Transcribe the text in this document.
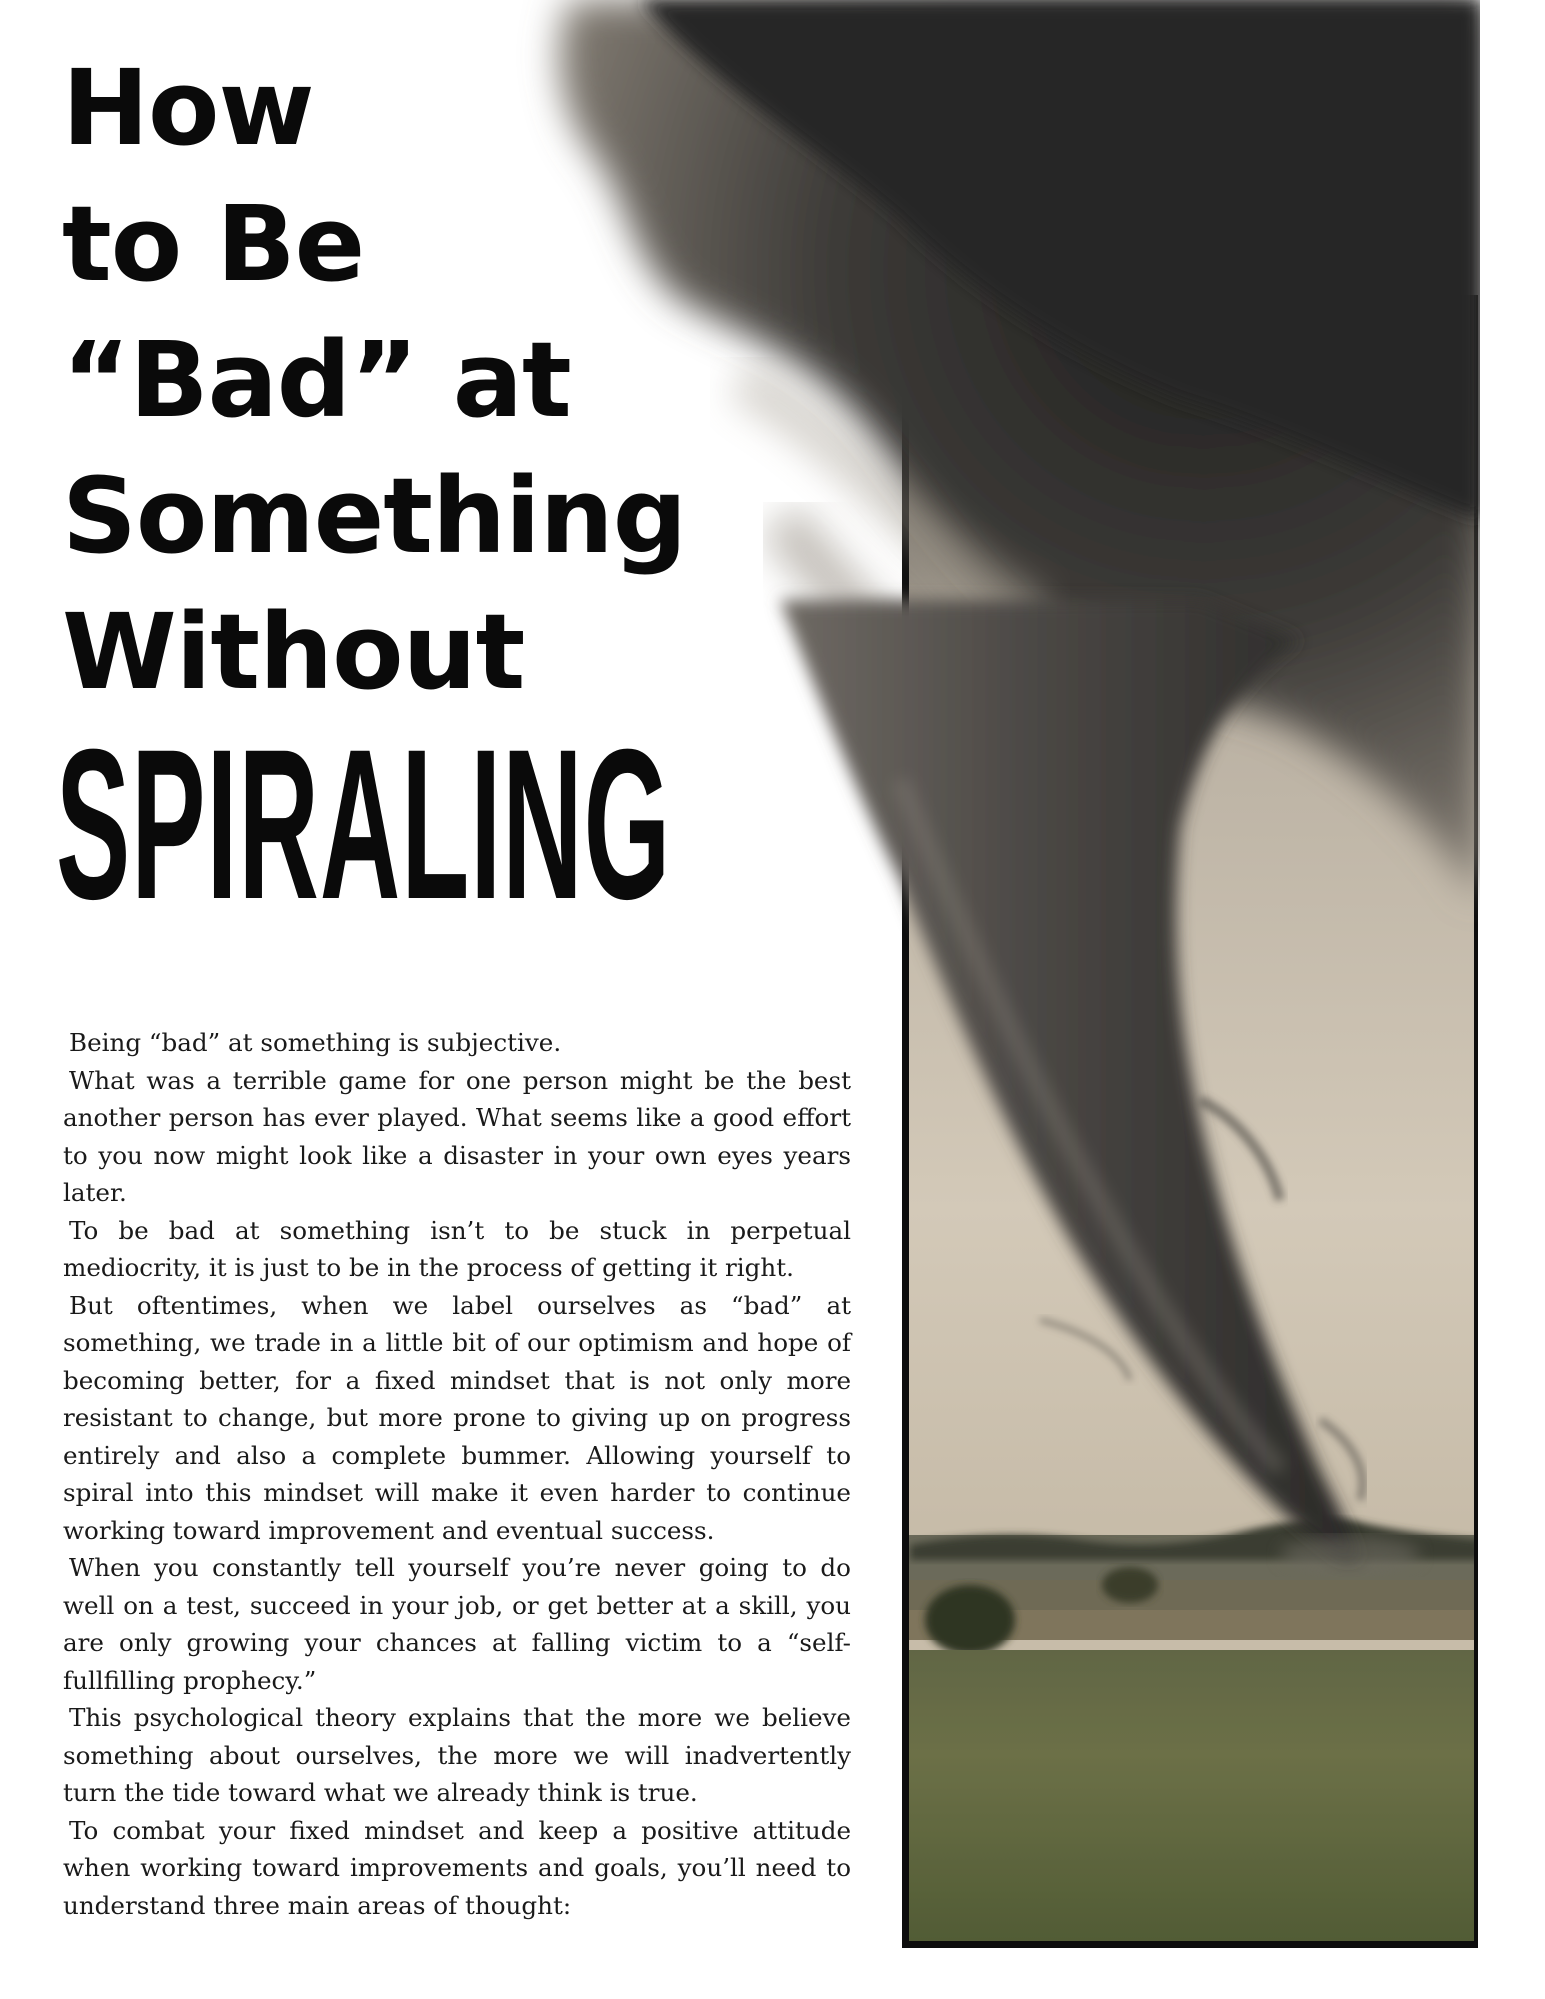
How
to Be
“Bad” at
Something
Without
SPIRALING

Being “bad” at something is subjective.

What was a terrible game for one person might be the best another person has ever played. What seems like a good effort to you now might look like a disaster in your own eyes years later.

To be bad at something isn’t to be stuck in perpetual mediocrity, it is just to be in the process of getting it right.

But oftentimes, when we label ourselves as “bad” at something, we trade in a little bit of our optimism and hope of becoming better, for a fixed mindset that is not only more resistant to change, but more prone to giving up on progress entirely and also a complete bummer. Allowing yourself to spiral into this mindset will make it even harder to continue working toward improvement and eventual success.

When you constantly tell yourself you’re never going to do well on a test, succeed in your job, or get better at a skill, you are only growing your chances at falling victim to a “self-fullfilling prophecy.”

This psychological theory explains that the more we believe something about ourselves, the more we will inadvertently turn the tide toward what we already think is true.

To combat your fixed mindset and keep a positive attitude when working toward improvements and goals, you’ll need to understand three main areas of thought:
